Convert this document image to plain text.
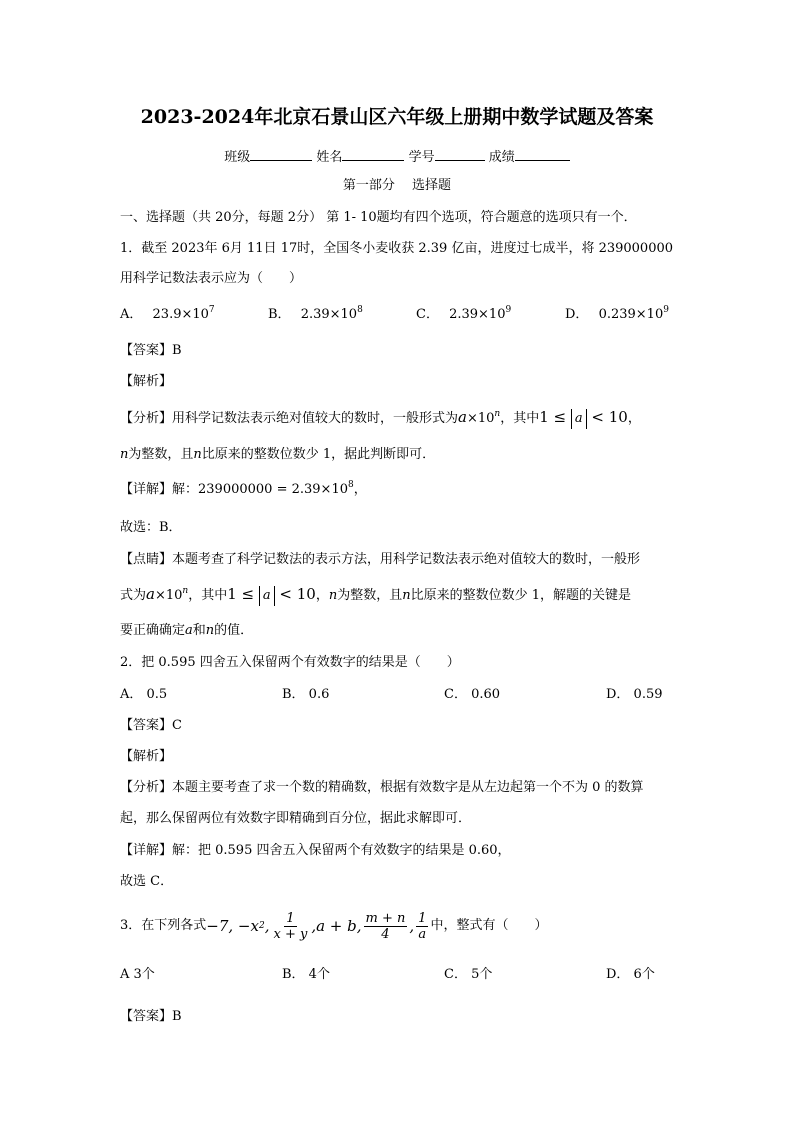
2023-2024年北京石景山区六年级上册期中数学试题及答案
班级	姓名	学号	成绩
第一部分　 选择题
一、选择题（共 20分，每题 2分） 第 1- 10题均有四个选项，符合题意的选项只有一个．
1．截至 2023年 6月 11日 17时，全国冬小麦收获 2.39 亿亩，进度过七成半，将 239000000
用科学记数法表示应为（　　）
A． $23.9\times 10^7$	B． $2.39\times 10^8$	C． $2.39\times 10^9$	D． $0.239\times 10^9$
【答案】B
【解析】
【分析】用科学记数法表示绝对值较大的数时，一般形式为$a\times 10^n$，其中1 ≤ a < 10，
n为整数，且n比原来的整数位数少 1，据此判断即可．
【详解】解：$239000000 = 2.39\times 10^8$，
故选：B．
【点睛】本题考查了科学记数法的表示方法，用科学记数法表示绝对值较大的数时，一般形
式为$a\times 10^n$，其中1 ≤ a < 10，n为整数，且n比原来的整数位数少 1，解题的关键是
要正确确定a和n的值．
2．把 0.595 四舍五入保留两个有效数字的结果是（　　）
A． 0.5	B． 0.6	C． 0.60	D． 0.59
【答案】C
【解析】
【分析】本题主要考查了求一个数的精确数，根据有效数字是从左边起第一个不为 0 的数算
起，那么保留两位有效数字即精确到百分位，据此求解即可．
【详解】解：把 0.595 四舍五入保留两个有效数字的结果是 0.60，
故选 C．
3．在下列各式 −7, −x 2 , $\frac{1}{x + y} ,a + b$, $\frac{m + n}{4}$ , $\frac{1}{a}$ 中，整式有（　　）
A 3个	B． 4个	C． 5个	D． 6个
【答案】B
